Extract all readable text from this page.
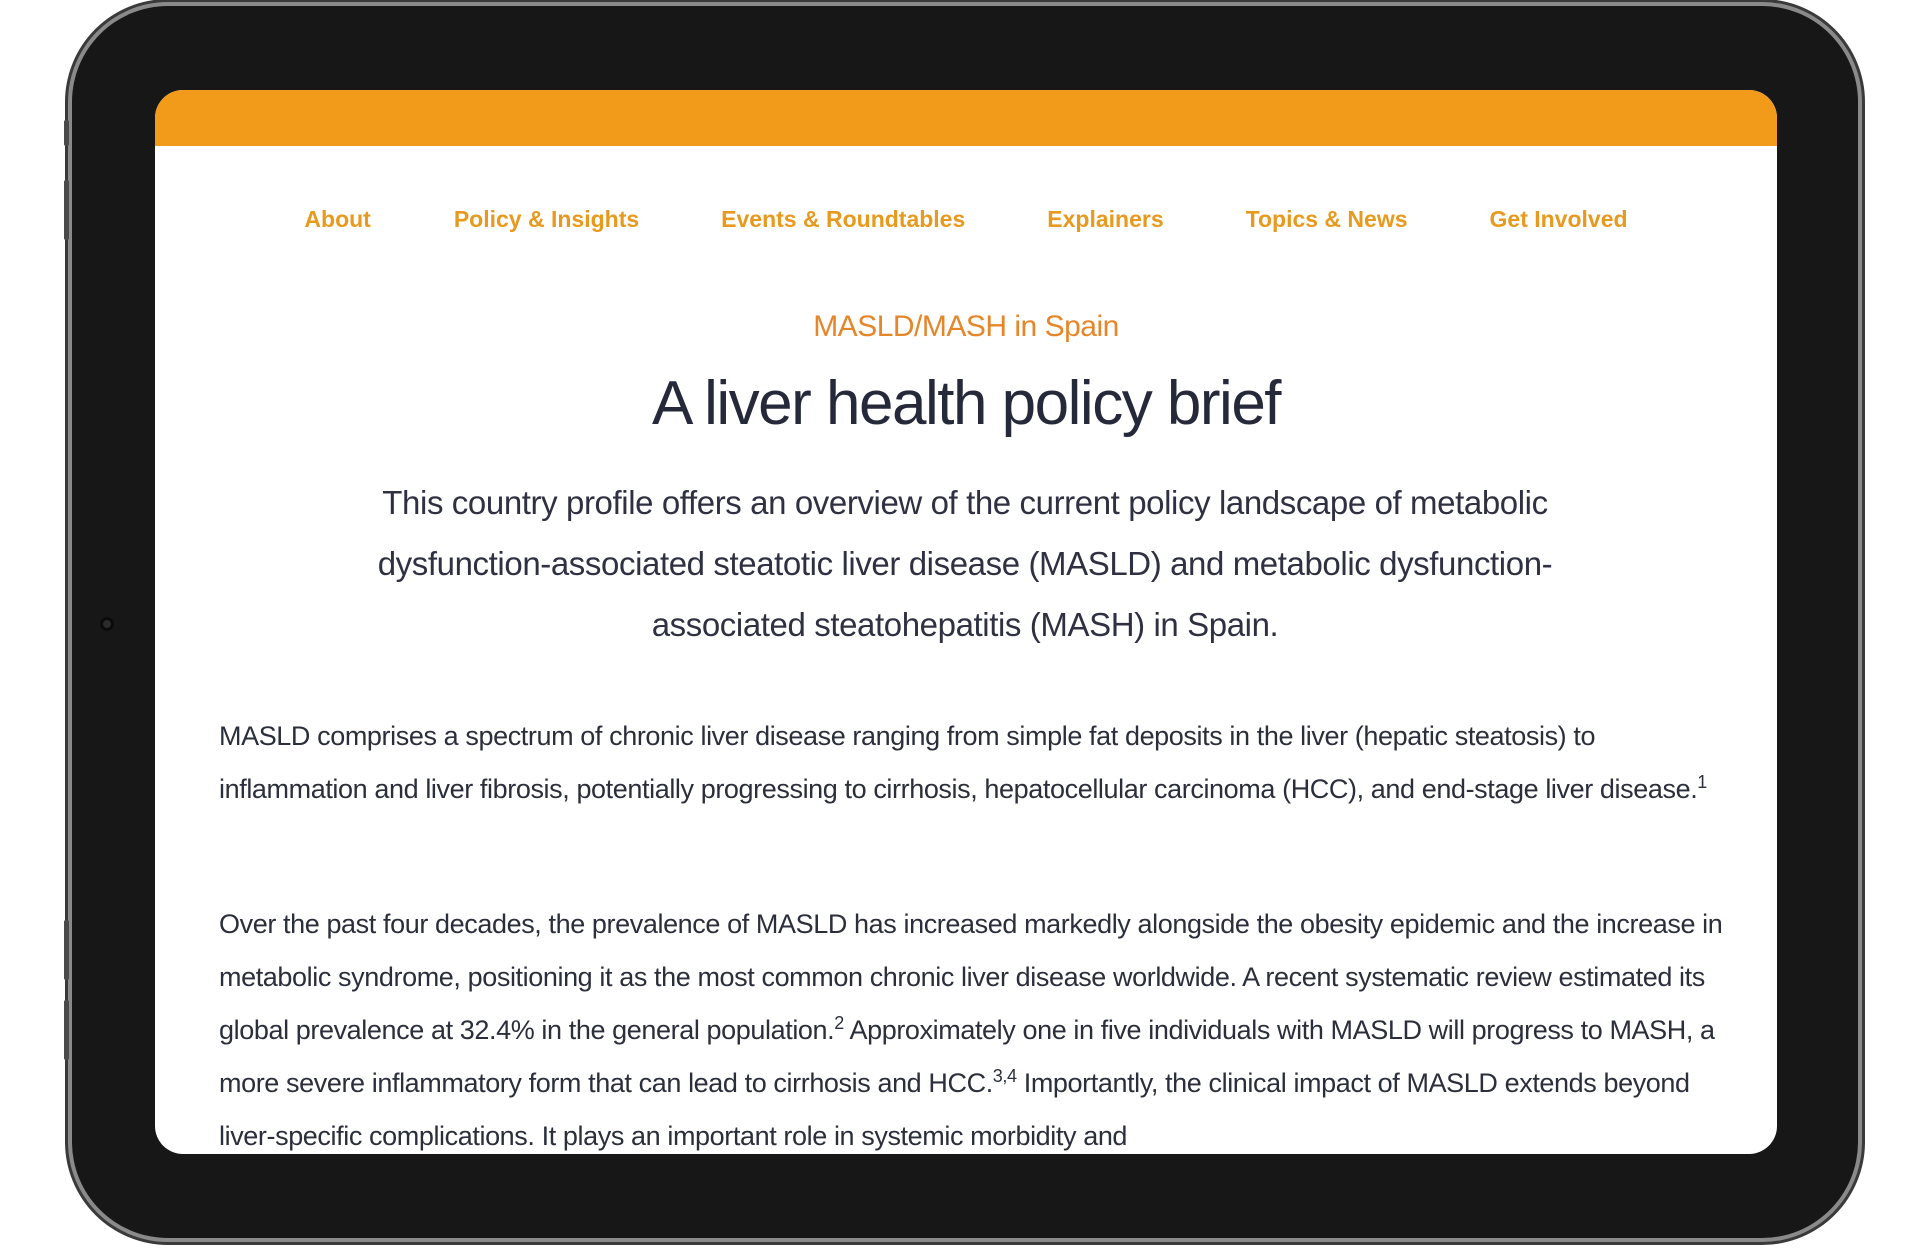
About	Policy & Insights	Events & Roundtables	Explainers	Topics & News	Get Involved
MASLD/MASH in Spain
A liver health policy brief

This country profile offers an overview of the current policy landscape of metabolic dysfunction-associated steatotic liver disease (MASLD) and metabolic dysfunction-associated steatohepatitis (MASH) in Spain.

MASLD comprises a spectrum of chronic liver disease ranging from simple fat deposits in the liver (hepatic steatosis) to inflammation and liver fibrosis, potentially progressing to cirrhosis, hepatocellular carcinoma (HCC), and end-stage liver disease.$^1$

Over the past four decades, the prevalence of MASLD has increased markedly alongside the obesity epidemic and the increase in metabolic syndrome, positioning it as the most common chronic liver disease worldwide. A recent systematic review estimated its global prevalence at 32.4% in the general population.$^2$ Approximately one in five individuals with MASLD will progress to MASH, a more severe inflammatory form that can lead to cirrhosis and HCC.$^{3,4}$ Importantly, the clinical impact of MASLD extends beyond liver-specific complications. It plays an important role in systemic morbidity and
